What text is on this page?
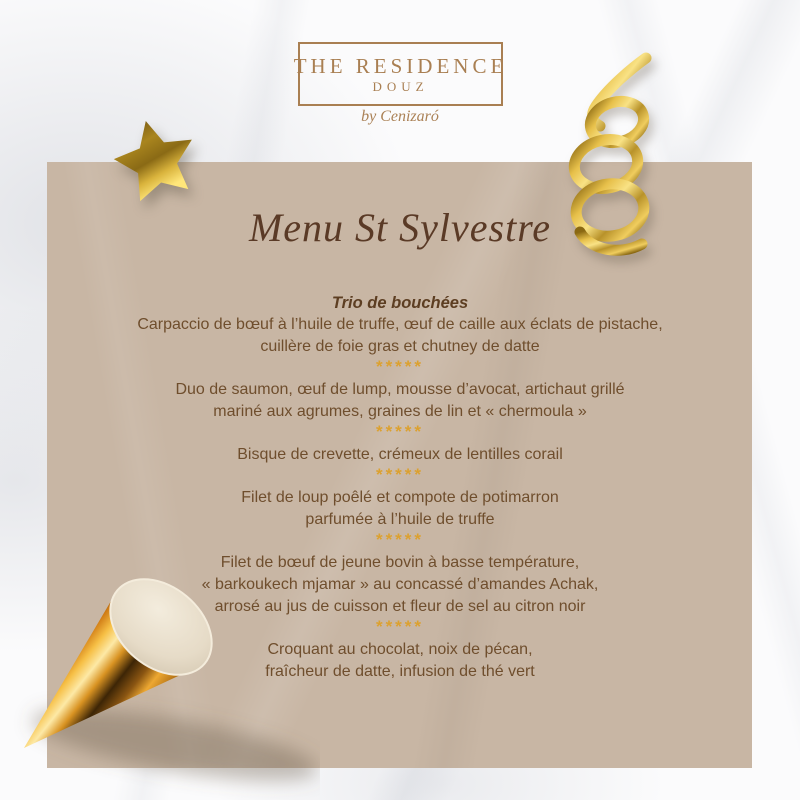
THE RESIDENCE
DOUZ
by Cenizaró
Menu St Sylvestre

Trio de bouchées

Carpaccio de bœuf à l’huile de truffe, œuf de caille aux éclats de pistache,

cuillère de foie gras et chutney de datte

*****

Duo de saumon, œuf de lump, mousse d’avocat, artichaut grillé

mariné aux agrumes, graines de lin et « chermoula »

*****

Bisque de crevette, crémeux de lentilles corail

*****

Filet de loup poêlé et compote de potimarron

parfumée à l’huile de truffe

*****

Filet de bœuf de jeune bovin à basse température,

« barkoukech mjamar » au concassé d’amandes Achak,

arrosé au jus de cuisson et fleur de sel au citron noir

*****

Croquant au chocolat, noix de pécan,

fraîcheur de datte, infusion de thé vert
